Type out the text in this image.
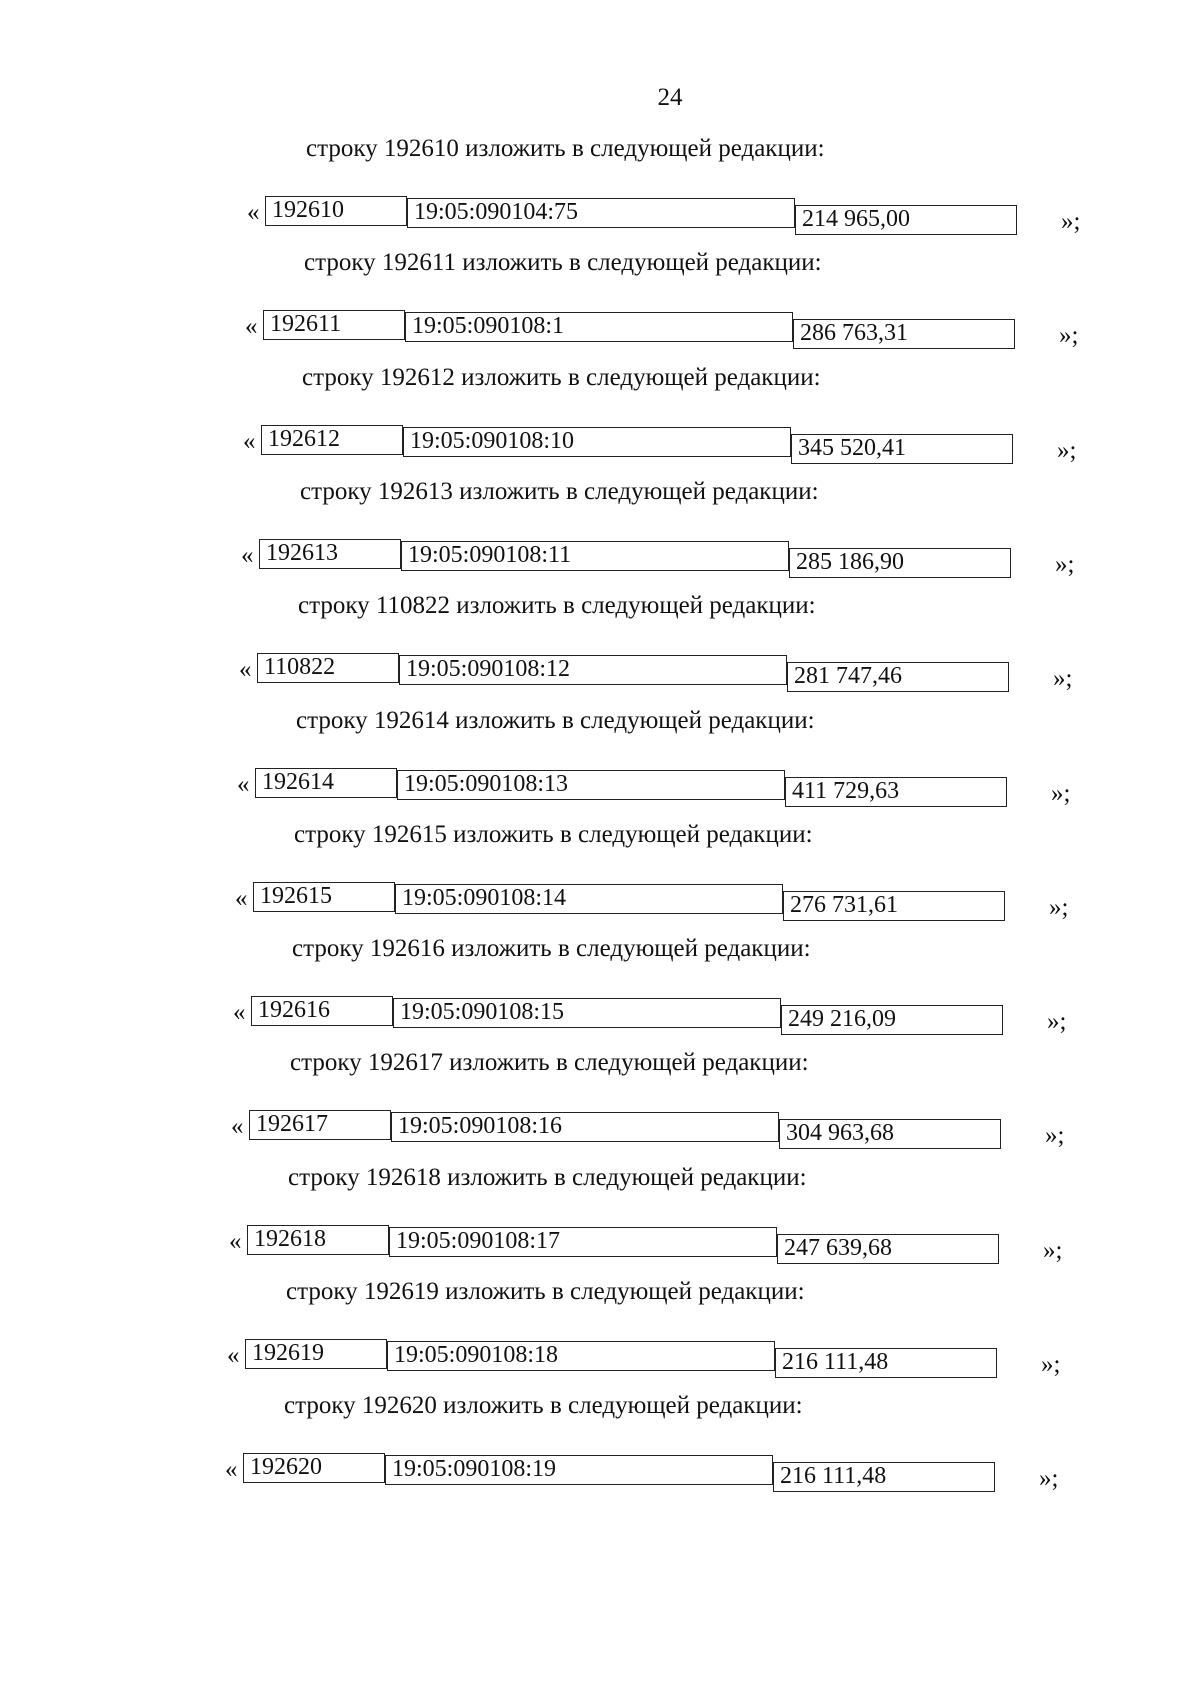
24
строку 192610 изложить в следующей редакции:
« 192610	19:05:090104:75	214 965,00	»;
строку 192611 изложить в следующей редакции:
« 192611	19:05:090108:1	286 763,31	»;
строку 192612 изложить в следующей редакции:
« 192612	19:05:090108:10	345 520,41	»;
строку 192613 изложить в следующей редакции:
« 192613	19:05:090108:11	285 186,90	»;
строку 110822 изложить в следующей редакции:
« 110822	19:05:090108:12	281 747,46	»;
строку 192614 изложить в следующей редакции:
« 192614	19:05:090108:13	411 729,63	»;
строку 192615 изложить в следующей редакции:
« 192615	19:05:090108:14	276 731,61	»;
строку 192616 изложить в следующей редакции:
« 192616	19:05:090108:15	249 216,09	»;
строку 192617 изложить в следующей редакции:
« 192617	19:05:090108:16	304 963,68	»;
строку 192618 изложить в следующей редакции:
« 192618	19:05:090108:17	247 639,68	»;
строку 192619 изложить в следующей редакции:
« 192619	19:05:090108:18	216 111,48	»;
строку 192620 изложить в следующей редакции:
« 192620	19:05:090108:19	216 111,48	»;
